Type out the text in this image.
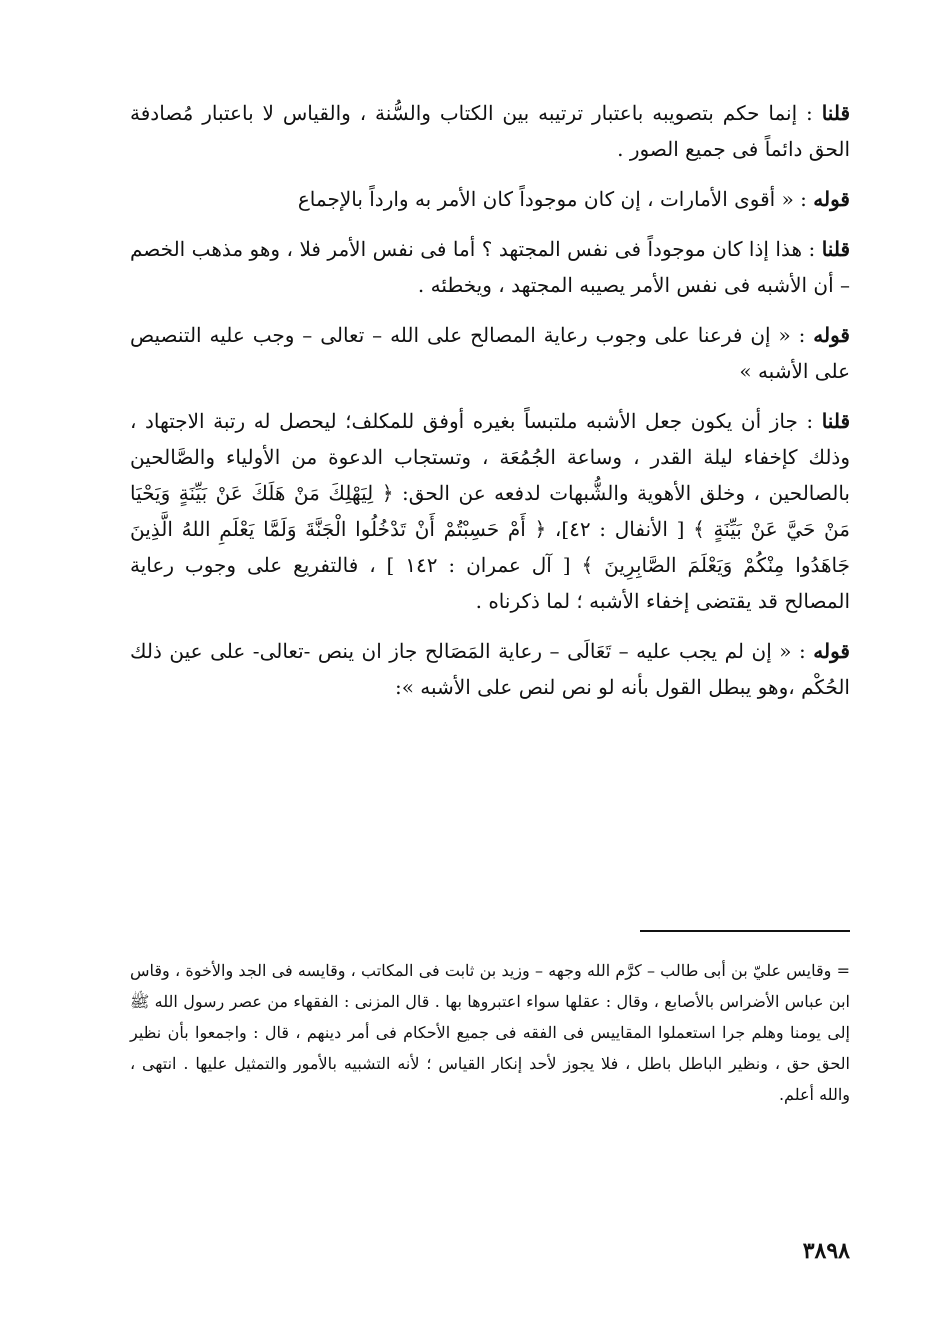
قلنا : إنما حكم بتصويبه باعتبار ترتيبه بين الكتاب والسُّنة ، والقياس لا باعتبار مُصادفة الحق دائماً فى جميع الصور .

قوله : « أقوى الأمارات ، إن كان موجوداً كان الأمر به وارداً بالإجماع

قلنا : هذا إذا كان موجوداً فى نفس المجتهد ؟ أما فى نفس الأمر فلا ، وهو مذهب الخصم – أن الأشبه فى نفس الأمر يصيبه المجتهد ، ويخطئه .

قوله : « إن فرعنا على وجوب رعاية المصالح على الله – تعالى – وجب عليه التنصيص على الأشبه »

قلنا : جاز أن يكون جعل الأشبه ملتبساً بغيره أوفق للمكلف؛ ليحصل له رتبة الاجتهاد ، وذلك كإخفاء ليلة القدر ، وساعة الجُمُعَة ، وتستجاب الدعوة من الأولياء والصَّالحين بالصالحين ، وخلق الأهوية والشُّبهات لدفعه عن الحق: ﴿ لِيَهْلِكَ مَنْ هَلَكَ عَنْ بَيِّنَةٍ وَيَحْيَا مَنْ حَيَّ عَنْ بَيِّنَةٍ ﴾ [ الأنفال : ٤٢]، ﴿ أَمْ حَسِبْتُمْ أَنْ تَدْخُلُوا الْجَنَّةَ وَلَمَّا يَعْلَمِ اللهُ الَّذِينَ جَاهَدُوا مِنْكُمْ وَيَعْلَمَ الصَّابِرِينَ ﴾ [ آل عمران : ١٤٢ ] ، فالتفريع على وجوب رعاية المصالح قد يقتضى إخفاء الأشبه ؛ لما ذكرناه .

قوله : « إن لم يجب عليه – تَعَالَى – رعاية المَصَالح جاز ان ينص -تعالى- على عين ذلك الحُكْم ،وهو يبطل القول بأنه لو نص لنص على الأشبه »:

= وقايس عليّ بن أبى طالب – كرَّم الله وجهه – وزيد بن ثابت فى المكاتب ، وقايسه فى الجد والأخوة ، وقاس ابن عباس الأضراس بالأصابع ، وقال : عقلها سواء اعتبروها بها . قال المزنى : الفقهاء من عصر رسول الله ﷺ إلى يومنا وهلم جرا استعملوا المقاييس فى الفقه فى جميع الأحكام فى أمر دينهم ، قال : واجمعوا بأن نظير الحق حق ، ونظير الباطل باطل ، فلا يجوز لأحد إنكار القياس ؛ لأنه التشبيه بالأمور والتمثيل عليها . انتهى ، والله أعلم.
٣٨٩٨
